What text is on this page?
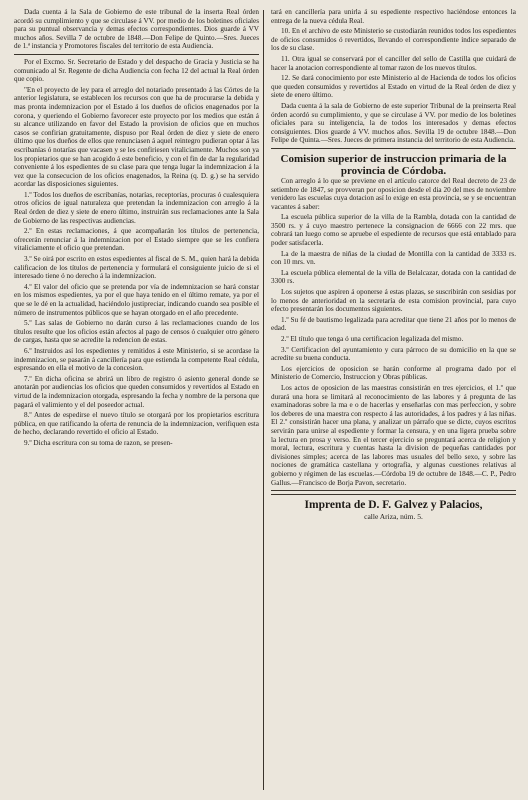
Dada cuenta á la Sala de Gobierno de este tribunal de la inserta Real órden acordó su cumplimiento y que se circulase á VV. por medio de los boletines oficiales para su puntual observancia y demas efectos correspondientes. Dios guarde á VV muchos años. Sevilla 7 de octubre de 1848.—Don Felipe de Quinto.—Sres. Jueces de 1.ª instancia y Promotores fiscales del territorio de esta Audiencia.

Por el Excmo. Sr. Secretario de Estado y del despacho de Gracia y Justicia se ha comunicado al Sr. Regente de dicha Audiencia con fecha 12 del actual la Real órden que copio.

"En el proyecto de ley para el arreglo del notariado presentado á las Córtes de la anterior legislatura, se establecen los recursos con que ha de procurarse la debida y mas pronta indemnizacion por el Estado á los dueños de oficios enagenados por la corona, y queriendo el Gobierno favorecer este proyecto por los medios que están á su alcance utilizando en favor del Estado la provision de oficios que en muchos casos se confirian gratuitamente, dispuso por Real órden de diez y siete de enero último que los dueños de ellos que renunciasen á aquel reintegro pudieran optar á las escribanías ó notarías que vacasen y se les confiriesen vitaliciamente. Muchos son ya los propietarios que se han acogido á este beneficio, y con el fin de dar la regularidad conveniente á los espedientes de su clase para que tenga lugar la indemnizacion á la vez que la consecucion de los oficios enagenados, la Reina (q. D. g.) se ha servido acordar las disposiciones siguientes.

1.º Todos los dueños de escribanías, notarías, receptorías, procuras ó cualesquiera otros oficios de igual naturaleza que pretendan la indemnizacion con arreglo á la Real órden de diez y siete de enero último, instruirán sus reclamaciones ante la Sala de Gobierno de las respectivas audiencias.

2.º En estas reclamaciones, á que acompañarán los títulos de pertenencia, ofrecerán renunciar á la indemnizacion por el Estado siempre que se les confiera vitaliciamente el oficio que pretendan.

3.º Se oirá por escrito en estos espedientes al fiscal de S. M., quien hará la debida calificacion de los títulos de pertenencia y formulará el consiguiente juicio de si el interesado tiene ó no derecho á la indemnizacion.

4.º El valor del oficio que se pretenda por vía de indemnizacion se hará constar en los mismos espedientes, ya por el que haya tenido en el último remate, ya por el que se le dé en la actualidad, haciéndolo justipreciar, indicando cuando sea posible el número de instrumentos públicos que se hayan otorgado en el año precedente.

5.º Las salas de Gobierno no darán curso á las reclamaciones cuando de los títulos resulte que los oficios están afectos al pago de censos ó cualquier otro género de cargas, hasta que se acredite la redencion de estas.

6.º Instruidos así los espedientes y remitidos á este Ministerio, si se acordase la indemnizacion, se pasarán á cancillería para que estienda la competente Real cédula, espresando en ella el motivo de la concesion.

7.º En dicha oficina se abrirá un libro de registro ó asiento general donde se anotarán por audiencias los oficios que queden consumidos y revertidos al Estado en virtud de la indemnizacion otorgada, espresando la fecha y nombre de la persona que pagará el valimiento y el del poseedor actual.

8.º Antes de espedirse el nuevo título se otorgará por los propietarios escritura pública, en que ratificando la oferta de renuncia de la indemnizacion, verifiquen esta de hecho, declarando revertido el oficio al Estado.

9.º Dicha escritura con su toma de razon, se presen-

tará en cancillería para unirla á su espediente respectivo haciéndose entonces la entrega de la nueva cédula Real.

10. En el archivo de este Ministerio se custodiarán reunidos todos los espedientes de oficios consumidos ó revertidos, llevando el correspondiente índice separado de los de su clase.

11. Otra igual se conservará por el canciller del sello de Castilla que cuidará de hacer la anotacion correspondiente al tomar razon de los nuevos títulos.

12. Se dará conocimiento por este Ministerio al de Hacienda de todos los oficios que queden consumidos y revertidos al Estado en virtud de la Real órden de diez y siete de enero último.

Dada cuenta á la sala de Gobierno de este superior Tribunal de la preinserta Real órden acordó su cumplimiento, y que se circulase á VV. por medio de los boletines oficiales para su inteligencia, la de todos los interesados y demas efectos consiguientes. Dios guarde á VV. muchos años. Sevilla 19 de octubre 1848.—Don Felipe de Quinta.—Sres. Jueces de primera instancia del territorio de esta Audiencia.

Comision superior de instruccion primaria de la provincia de Córdoba.

Con arreglo á lo que se previene en el artículo catorce del Real decreto de 23 de setiembre de 1847, se provveran por oposicion desde el dia 20 del mes de noviembre venidero las escuelas cuya dotacion así lo exige en esta provincia, se y se encuentran vacantes á saber:

La escuela pública superior de la villa de la Rambla, dotada con la cantidad de 3500 rs. y á cuyo maestro pertenece la consignacion de 6666 con 22 mrs. que cobrará tan luego como se apruebe el espediente de recursos que está entablado para poder satisfacerla.

La de la maestra de niñas de la ciudad de Montilla con la cantidad de 3333 rs. con 10 mrs. vn.

La escuela pública elemental de la villa de Belalcazar, dotada con la cantidad de 3300 rs.

Los sujetos que aspiren á oponerse á estas plazas, se suscribirán con sesidias por lo menos de anterioridad en la secretaría de esta comision provincial, para cuyo efecto presentarán los documentos siguientes.

1.º Su fé de bautismo legalizada para acreditar que tiene 21 años por lo menos de edad.

2.º El título que tenga ó una certificacion legalizada del mismo.

3.º Certificacion del ayuntamiento y cura párroco de su domicilio en la que se acredite su buena conducta.

Los ejercicios de oposicion se harán conforme al programa dado por el Ministerio de Comercio, Instruccion y Obras públicas.

Los actos de oposicion de las maestras consistirán en tres ejercicios, el 1.º que durará una hora se limitará al reconocimiento de las labores y á pregunta de las examinadoras sobre la ma e o de hacerlas y enseñarlas con mas perfeccion, y sobre los deberes de una maestra con respecto á las autoridades, á los padres y á las niñas. El 2.º consistirán hacer una plana, y analizar un párrafo que se dicte, cuyos escritos servirán para unirse al espediente y formar la censura, y en una ligera prueba sobre la lectura en prosa y verso. En el tercer ejercicio se preguntará acerca de religion y moral, lectura, escritura y cuentas hasta la division de pequeñas cantidades por divisiones simples; acerca de las labores mas usuales del bello sexo, y sobre las nociones de gramática castellana y ortografía, y algunas cuestiones relativas al gobierno y régimen de las escuelas.—Córdoba 19 de octubre de 1848.—C. P., Pedro Gallus.—Francisco de Borja Pavon, secretario.

Imprenta de D. F. Galvez y Palacios,
calle Ariza, núm. 5.
